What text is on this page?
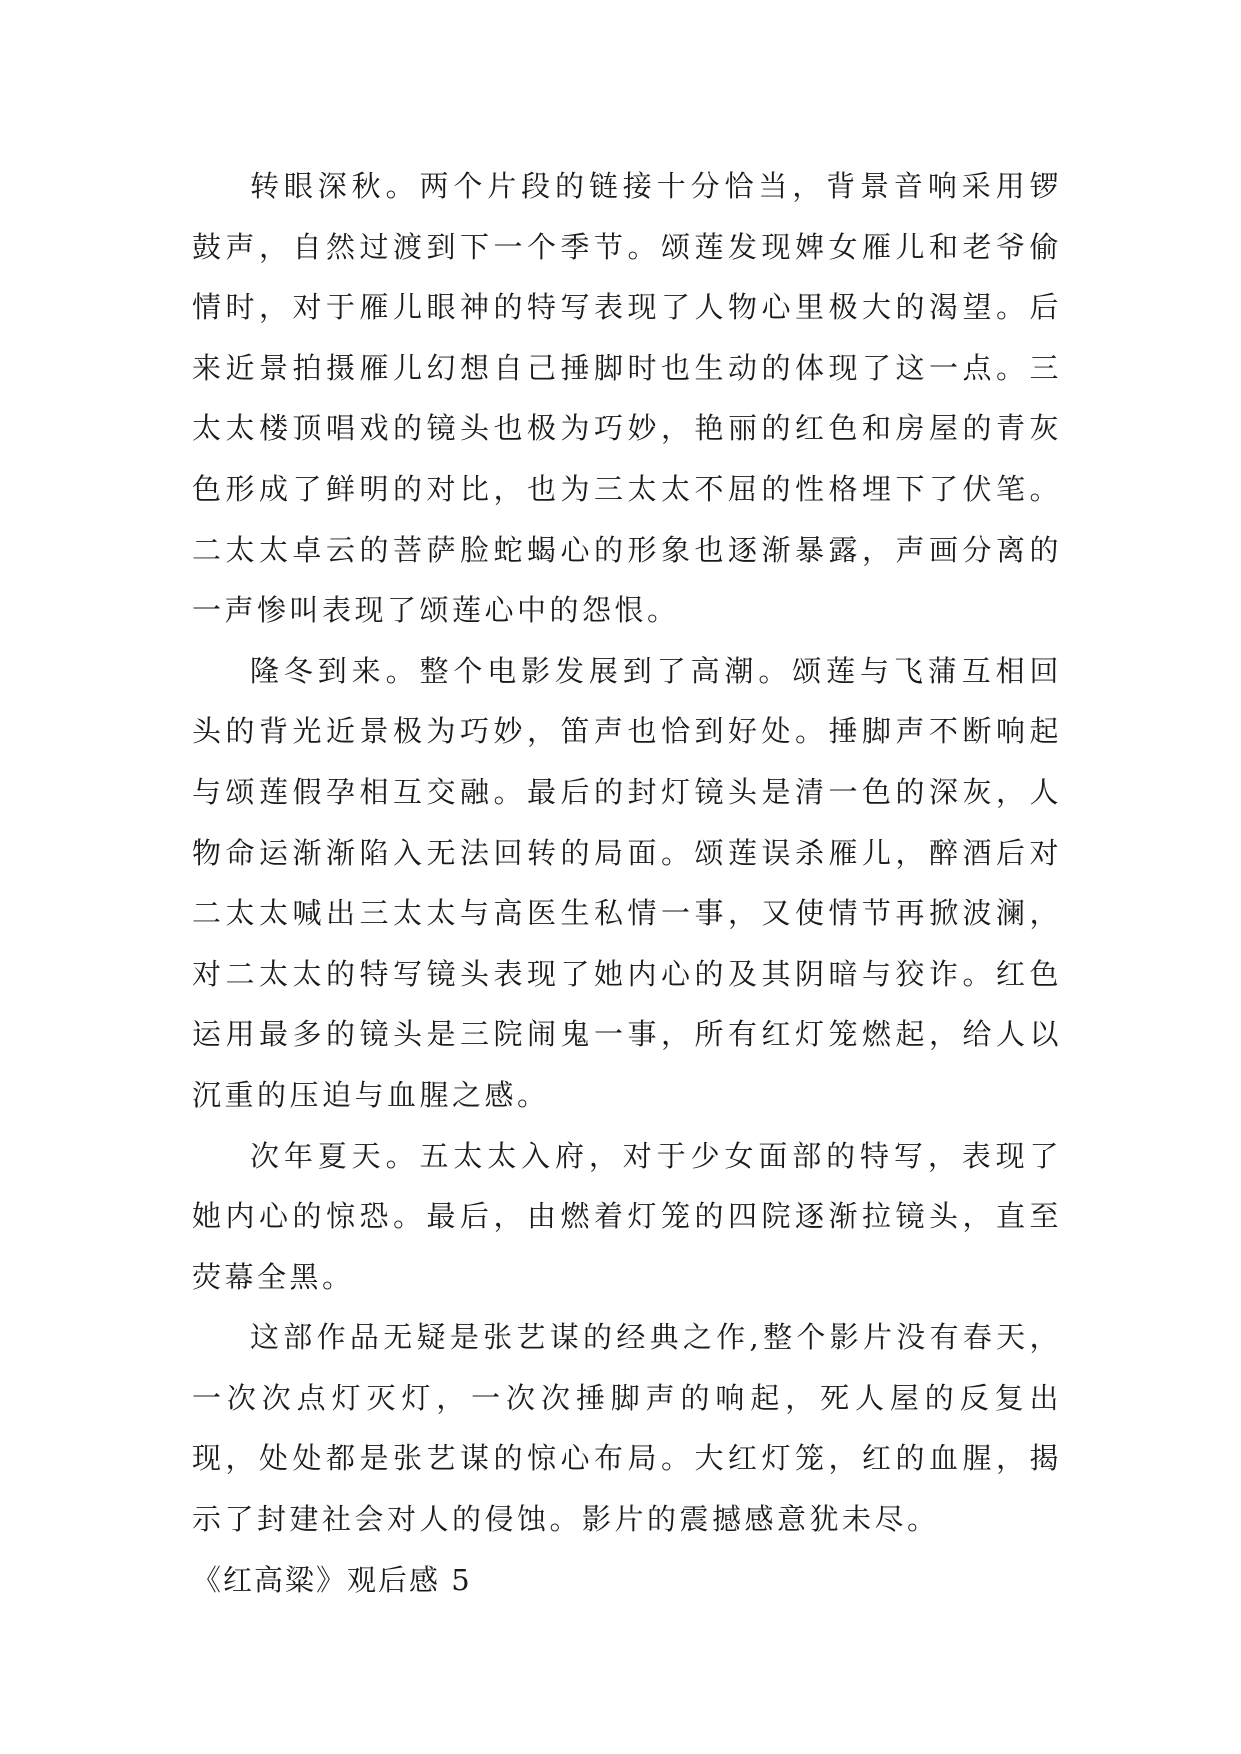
转眼深秋。两个片段的链接十分恰当，背景音响采用锣鼓声，自然过渡到下一个季节。颂莲发现婢女雁儿和老爷偷情时，对于雁儿眼神的特写表现了人物心里极大的渴望。后来近景拍摄雁儿幻想自己捶脚时也生动的体现了这一点。三太太楼顶唱戏的镜头也极为巧妙，艳丽的红色和房屋的青灰色形成了鲜明的对比，也为三太太不屈的性格埋下了伏笔。二太太卓云的菩萨脸蛇蝎心的形象也逐渐暴露，声画分离的一声惨叫表现了颂莲心中的怨恨。

隆冬到来。整个电影发展到了高潮。颂莲与飞蒲互相回头的背光近景极为巧妙，笛声也恰到好处。捶脚声不断响起与颂莲假孕相互交融。最后的封灯镜头是清一色的深灰，人物命运渐渐陷入无法回转的局面。颂莲误杀雁儿，醉酒后对二太太喊出三太太与高医生私情一事，又使情节再掀波澜，对二太太的特写镜头表现了她内心的及其阴暗与狡诈。红色运用最多的镜头是三院闹鬼一事，所有红灯笼燃起，给人以沉重的压迫与血腥之感。

次年夏天。五太太入府，对于少女面部的特写，表现了她内心的惊恐。最后，由燃着灯笼的四院逐渐拉镜头，直至荧幕全黑。

这部作品无疑是张艺谋的经典之作,整个影片没有春天，一次次点灯灭灯，一次次捶脚声的响起，死人屋的反复出现，处处都是张艺谋的惊心布局。大红灯笼，红的血腥，揭示了封建社会对人的侵蚀。影片的震撼感意犹未尽。

《红高粱》观后感 5
